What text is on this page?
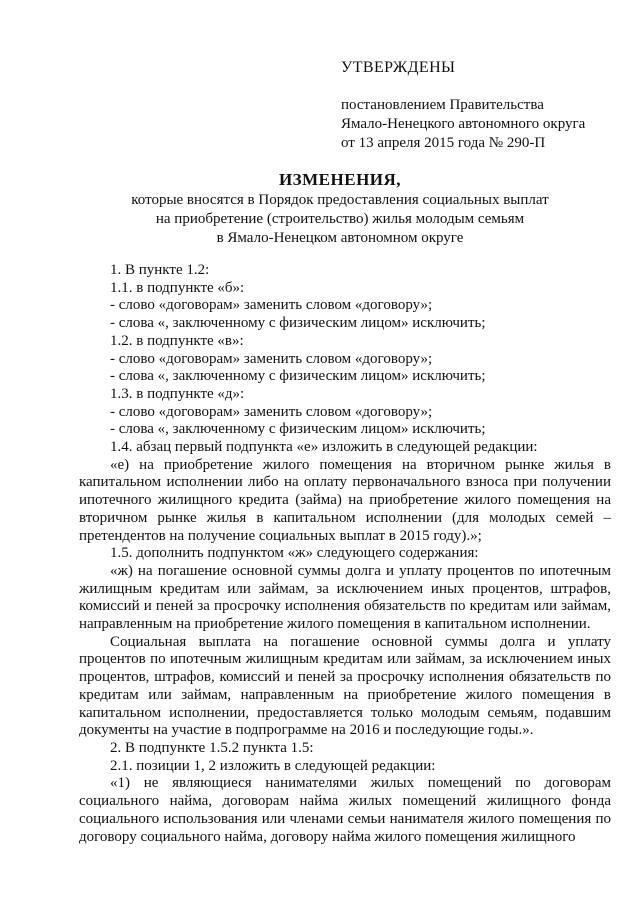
УТВЕРЖДЕНЫ
постановлением Правительства
Ямало-Ненецкого автономного округа
от 13 апреля 2015 года № 290-П
ИЗМЕНЕНИЯ,
которые вносятся в Порядок предоставления социальных выплат
на приобретение (строительство) жилья молодым семьям
в Ямало-Ненецком автономном округе

1. В пункте 1.2:

1.1. в подпункте «б»:

- слово «договорам» заменить словом «договору»;

- слова «, заключенному с физическим лицом» исключить;

1.2. в подпункте «в»:

- слово «договорам» заменить словом «договору»;

- слова «, заключенному с физическим лицом» исключить;

1.3. в подпункте «д»:

- слово «договорам» заменить словом «договору»;

- слова «, заключенному с физическим лицом» исключить;

1.4. абзац первый подпункта «е» изложить в следующей редакции:

«е) на приобретение жилого помещения на вторичном рынке жилья в капитальном исполнении либо на оплату первоначального взноса при получении ипотечного жилищного кредита (займа) на приобретение жилого помещения на вторичном рынке жилья в капитальном исполнении (для молодых семей – претендентов на получение социальных выплат в 2015 году).»;

1.5. дополнить подпунктом «ж» следующего содержания:

«ж) на погашение основной суммы долга и уплату процентов по ипотечным жилищным кредитам или займам, за исключением иных процентов, штрафов, комиссий и пеней за просрочку исполнения обязательств по кредитам или займам, направленным на приобретение жилого помещения в капитальном исполнении.

Социальная выплата на погашение основной суммы долга и уплату процентов по ипотечным жилищным кредитам или займам, за исключением иных процентов, штрафов, комиссий и пеней за просрочку исполнения обязательств по кредитам или займам, направленным на приобретение жилого помещения в капитальном исполнении, предоставляется только молодым семьям, подавшим документы на участие в подпрограмме на 2016 и последующие годы.».

2. В подпункте 1.5.2 пункта 1.5:

2.1. позиции 1, 2 изложить в следующей редакции:

«1) не являющиеся нанимателями жилых помещений по договорам социального найма, договорам найма жилых помещений жилищного фонда социального использования или членами семьи нанимателя жилого помещения по договору социального найма, договору найма жилого помещения жилищного
